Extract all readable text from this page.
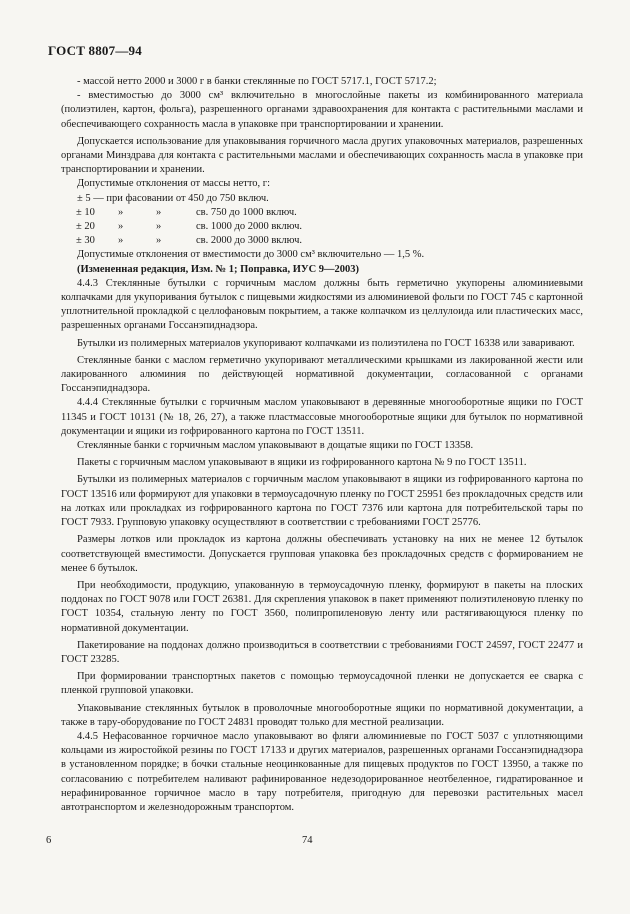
ГОСТ 8807—94

- массой нетто 2000 и 3000 г в банки стеклянные по ГОСТ 5717.1, ГОСТ 5717.2;

- вместимостью до 3000 см³ включительно в многослойные пакеты из комбинированного материала (полиэтилен, картон, фольга), разрешенного органами здравоохранения для контакта с растительными маслами и обеспечивающего сохранность масла в упаковке при транспортировании и хранении.

Допускается использование для упаковывания горчичного масла других упаковочных материалов, разрешенных органами Минздрава для контакта с растительными маслами и обеспечивающих сохранность масла в упаковке при транспортировании и хранении.

Допустимые отклонения от массы нетто, г:

± 5 — при фасовании от 450 до 750 включ.

± 10	»	»	св. 750 до 1000 включ.
± 20	»	»	св. 1000 до 2000 включ.
± 30	»	»	св. 2000 до 3000 включ.

Допустимые отклонения от вместимости до 3000 см³ включительно — 1,5 %.

(Измененная редакция, Изм. № 1; Поправка, ИУС 9—2003)

4.4.3 Стеклянные бутылки с горчичным маслом должны быть герметично укупорены алюминиевыми колпачками для укупоривания бутылок с пищевыми жидкостями из алюминиевой фольги по ГОСТ 745 с картонной уплотнительной прокладкой с целлофановым покрытием, а также колпачком из целлулоида или пластических масс, разрешенных органами Госсанэпиднадзора.

Бутылки из полимерных материалов укупоривают колпачками из полиэтилена по ГОСТ 16338 или заваривают.

Стеклянные банки с маслом герметично укупоривают металлическими крышками из лакированной жести или лакированного алюминия по действующей нормативной документации, согласованной с органами Госсанэпиднадзора.

4.4.4 Стеклянные бутылки с горчичным маслом упаковывают в деревянные многооборотные ящики по ГОСТ 11345 и ГОСТ 10131 (№ 18, 26, 27), а также пластмассовые многооборотные ящики для бутылок по нормативной документации и ящики из гофрированного картона по ГОСТ 13511.

Стеклянные банки с горчичным маслом упаковывают в дощатые ящики по ГОСТ 13358.

Пакеты с горчичным маслом упаковывают в ящики из гофрированного картона № 9 по ГОСТ 13511.

Бутылки из полимерных материалов с горчичным маслом упаковывают в ящики из гофрированного картона по ГОСТ 13516 или формируют для упаковки в термоусадочную пленку по ГОСТ 25951 без прокладочных средств или на лотках или прокладках из гофрированного картона по ГОСТ 7376 или картона для потребительской тары по ГОСТ 7933. Групповую упаковку осуществляют в соответствии с требованиями ГОСТ 25776.

Размеры лотков или прокладок из картона должны обеспечивать установку на них не менее 12 бутылок соответствующей вместимости. Допускается групповая упаковка без прокладочных средств с формированием не менее 6 бутылок.

При необходимости, продукцию, упакованную в термоусадочную пленку, формируют в пакеты на плоских поддонах по ГОСТ 9078 или ГОСТ 26381. Для скрепления упаковок в пакет применяют полиэтиленовую пленку по ГОСТ 10354, стальную ленту по ГОСТ 3560, полипропиленовую ленту или растягивающуюся пленку по нормативной документации.

Пакетирование на поддонах должно производиться в соответствии с требованиями ГОСТ 24597, ГОСТ 22477 и ГОСТ 23285.

При формировании транспортных пакетов с помощью термоусадочной пленки не допускается ее сварка с пленкой групповой упаковки.

Упаковывание стеклянных бутылок в проволочные многооборотные ящики по нормативной документации, а также в тару-оборудование по ГОСТ 24831 проводят только для местной реализации.

4.4.5 Нефасованное горчичное масло упаковывают во фляги алюминиевые по ГОСТ 5037 с уплотняющими кольцами из жиростойкой резины по ГОСТ 17133 и других материалов, разрешенных органами Госсанэпиднадзора в установленном порядке; в бочки стальные неоцинкованные для пищевых продуктов по ГОСТ 13950, а также по согласованию с потребителем наливают рафинированное недезодорированное неотбеленное, гидратированное и нерафинированное горчичное масло в тару потребителя, пригодную для перевозки растительных масел автотранспортом и железнодорожным транспортом.

6	74
